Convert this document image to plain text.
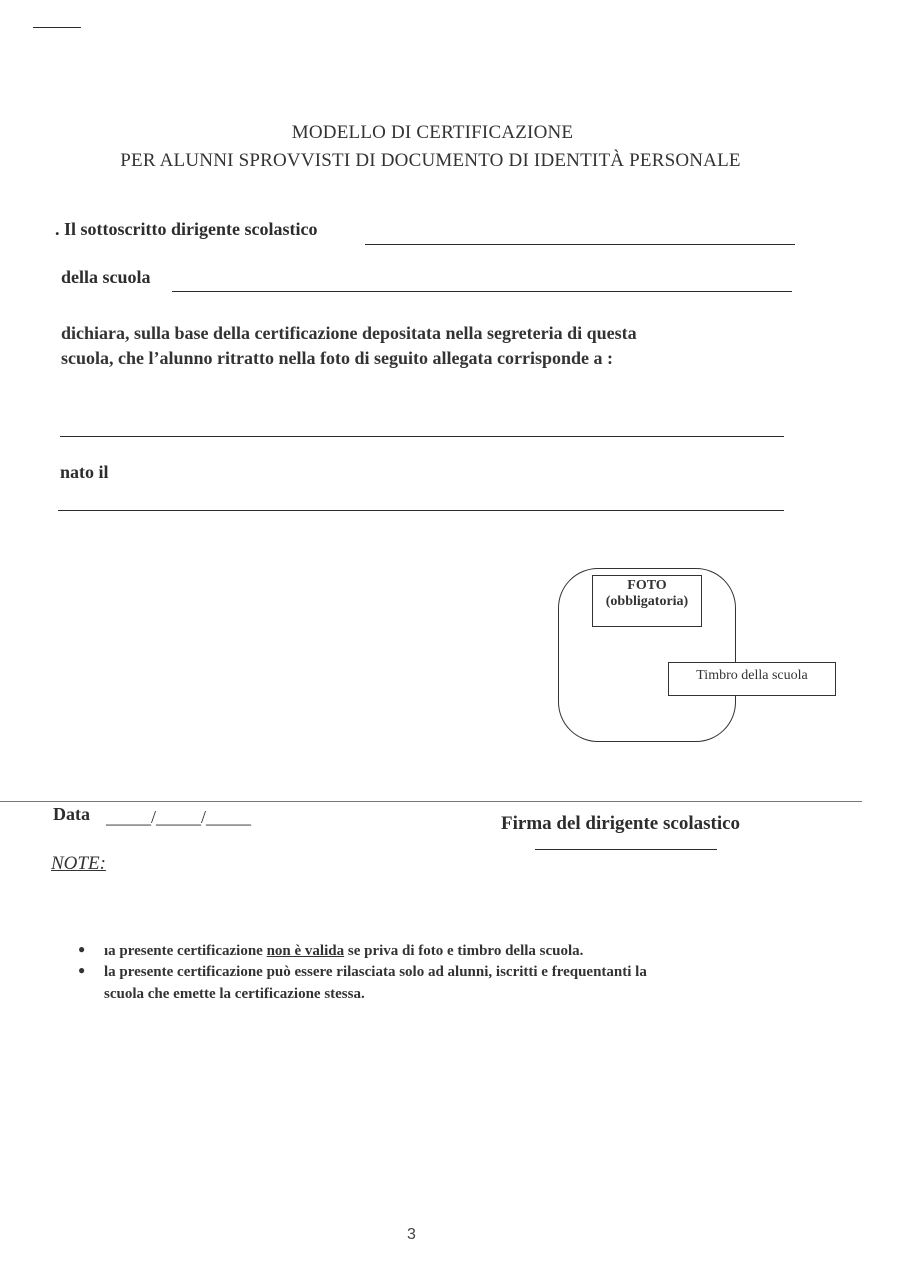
MODELLO DI CERTIFICAZIONE
PER ALUNNI SPROVVISTI DI DOCUMENTO DI IDENTITÀ PERSONALE
. Il sottoscritto dirigente scolastico
della scuola
dichiara, sulla base della certificazione depositata nella segreteria di questa
scuola, che l’alunno ritratto nella foto di seguito allegata corrisponde a :
nato il
FOTO
(obbligatoria)
Timbro della scuola
Data _____/_____/_____	Firma del dirigente scolastico
NOTE:
● ıa presente certificazione non è valida se priva di foto e timbro della scuola.
● la presente certificazione può essere rilasciata solo ad alunni, iscritti e frequentanti la
scuola che emette la certificazione stessa.
3
